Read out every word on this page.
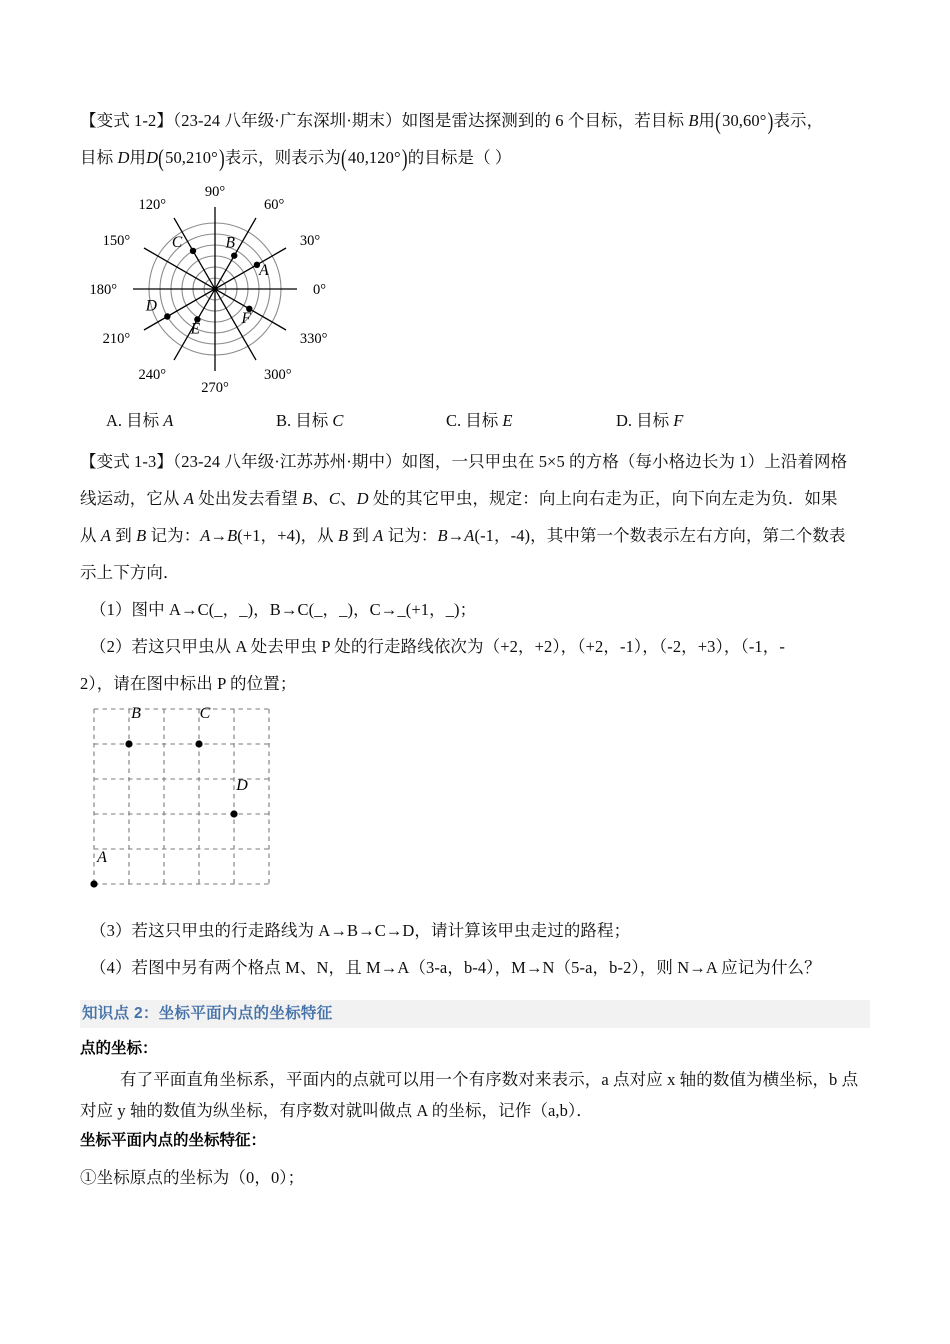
【变式 1-2】（23-24 八年级·广东深圳·期末）如图是雷达探测到的 6 个目标，若目标 B用 ( 30,60° ) 表示，
目标 D用D ( 50,210° ) 表示，则表示为 ( 40,120° ) 的目标是（ ）
0°
30°
60°
90°
120°
150°
180°
210°
240°
270°
300°
330°
A
B
C
D
E
F
A. 目标 A	B. 目标 C	C. 目标 E	D. 目标 F
【变式 1-3】（23-24 八年级·江苏苏州·期中）如图，一只甲虫在 5×5 的方格（每小格边长为 1）上沿着网格
线运动，它从 A 处出发去看望 B、C、D 处的其它甲虫，规定：向上向右走为正，向下向左走为负．如果
从 A 到 B 记为：A→B(+1，+4)，从 B 到 A 记为：B→A(-1，-4)，其中第一个数表示左右方向，第二个数表
示上下方向．
（1）图中 A→C(_，_)，B→C(_，_)，C→_(+1，_)；
（2）若这只甲虫从 A 处去甲虫 P 处的行走路线依次为（+2，+2），（+2，-1），（-2，+3），（-1，-
2），请在图中标出 P 的位置；
A
B	C
D
（3）若这只甲虫的行走路线为 A→B→C→D，请计算该甲虫走过的路程；
（4）若图中另有两个格点 M、N，且 M→A（3-a，b-4），M→N（5-a，b-2），则 N→A 应记为什么？
知识点 2：坐标平面内点的坐标特征
点的坐标：
有了平面直角坐标系，平面内的点就可以用一个有序数对来表示，a 点对应 x 轴的数值为横坐标，b 点
对应 y 轴的数值为纵坐标，有序数对就叫做点 A 的坐标，记作（a,b）．
坐标平面内点的坐标特征：
①坐标原点的坐标为（0，0）；
